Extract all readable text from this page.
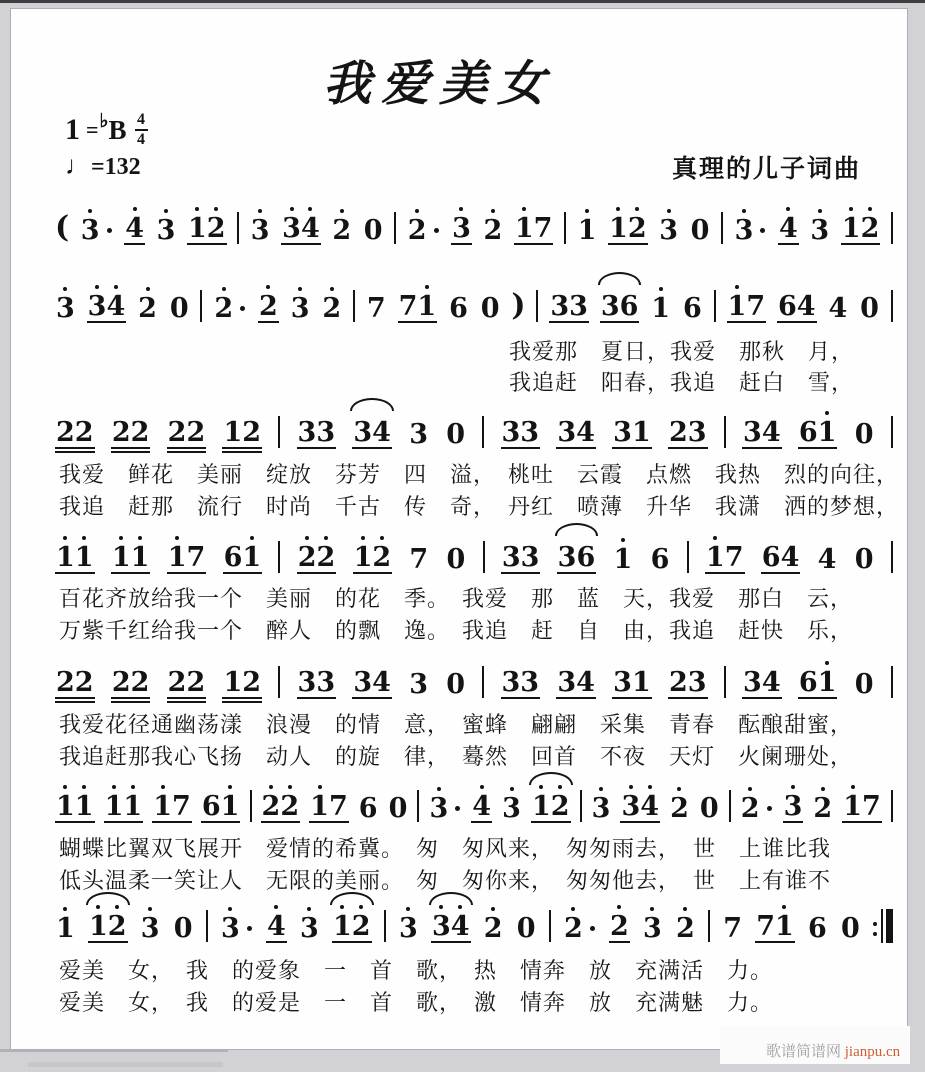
我爱美女
1 = ♭ B 4
4
♩=132	真理的儿子词曲
( 3 4 3 1 2 3 3 4 2 0 2 3 2 1 7 1 1 2 3 0 3 4 3 1 2
3 3 4 2 0 2 2 3 2 7 7 1 6 0 ) 3 3 3 6 1 6 1 7 6 4 4 0
2 2 2 2 2 2 1 2 3 3 3 4 3 0 3 3 3 4 3 1 2 3 3 4 6 1 0
1 1 1 1 1 7 6 1 2 2 1 2 7 0 3 3 3 6 1 6 1 7 6 4 4 0
2 2 2 2 2 2 1 2 3 3 3 4 3 0 3 3 3 4 3 1 2 3 3 4 6 1 0
1 1 1 1 1 7 6 1 2 2 1 7 6 0 3 4 3 1 2 3 3 4 2 0 2 3 2 1 7
1 1 2 3 0 3 4 3 1 2 3 3 4 2 0 2 2 3 2 7 7 1 6 0
我爱那　夏日，我爱　那秋　月，
我追赶　阳春，我追　赶白　雪，
我爱　鲜花　美丽　绽放　芬芳　四　溢，　桃吐　云霞　点燃　我热　烈的向往，
我追　赶那　流行　时尚　千古　传　奇，　丹红　喷薄　升华　我潇　洒的梦想，
百花齐放给我一个　美丽　的花　季。　我爱　那　蓝　天，我爱　那白　云，
万紫千红给我一个　醉人　的飘　逸。　我追　赶　自　由，我追　赶快　乐，
我爱花径通幽荡漾　浪漫　的情　意，　蜜蜂　翩翩　采集　青春　酝酿甜蜜，
我追赶那我心飞扬　动人　的旋　律，　蓦然　回首　不夜　天灯　火阑珊处，
蝴蝶比翼双飞展开　爱情的希冀。　匆　匆风来，　匆匆雨去，　世　上谁比我
低头温柔一笑让人　无限的美丽。　匆　匆你来，　匆匆他去，　世　上有谁不
爱美　女，　我　的爱象　一　首　歌，　热　情奔　放　充满活　力。
爱美　女，　我　的爱是　一　首　歌，　激　情奔　放　充满魅　力。
歌谱简谱网 jianpu.cn
